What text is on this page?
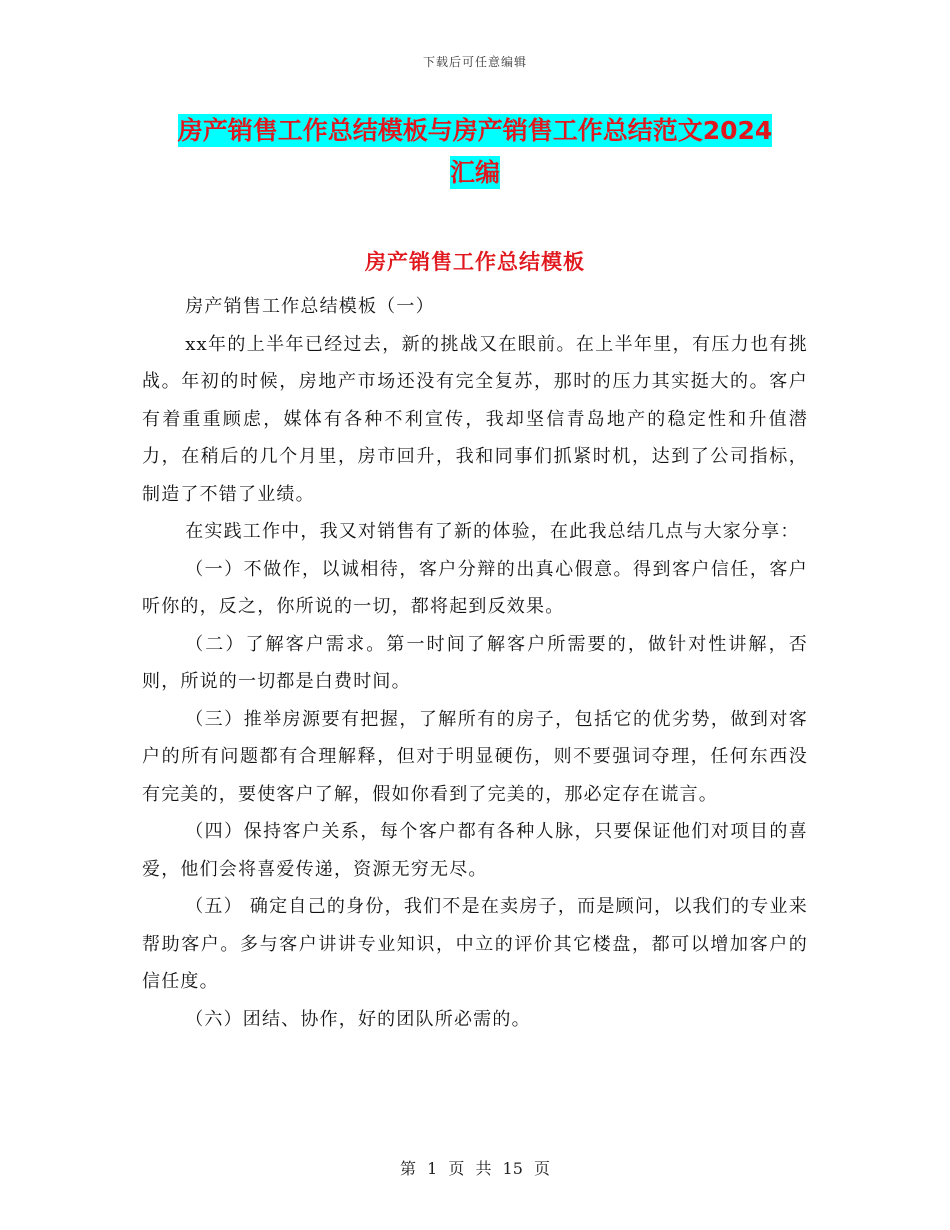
下载后可任意编辑
房产销售工作总结模板与房产销售工作总结范文2024
汇编
房产销售工作总结模板

房产销售工作总结模板（一）

xx年的上半年已经过去，新的挑战又在眼前。在上半年里，有压力也有挑战。年初的时候，房地产市场还没有完全复苏，那时的压力其实挺大的。客户有着重重顾虑，媒体有各种不利宣传，我却坚信青岛地产的稳定性和升值潜力，在稍后的几个月里，房市回升，我和同事们抓紧时机，达到了公司指标，制造了不错了业绩。

在实践工作中，我又对销售有了新的体验，在此我总结几点与大家分享：

（一）不做作，以诚相待，客户分辩的出真心假意。得到客户信任，客户听你的，反之，你所说的一切，都将起到反效果。

（二）了解客户需求。第一时间了解客户所需要的，做针对性讲解，否则，所说的一切都是白费时间。

（三）推举房源要有把握，了解所有的房子，包括它的优劣势，做到对客户的所有问题都有合理解释，但对于明显硬伤，则不要强词夺理，任何东西没有完美的，要使客户了解，假如你看到了完美的，那必定存在谎言。

（四）保持客户关系，每个客户都有各种人脉，只要保证他们对项目的喜爱，他们会将喜爱传递，资源无穷无尽。

（五） 确定自己的身份，我们不是在卖房子，而是顾问，以我们的专业来帮助客户。多与客户讲讲专业知识，中立的评价其它楼盘，都可以增加客户的信任度。

（六）团结、协作，好的团队所必需的。

第 1 页 共 15 页
